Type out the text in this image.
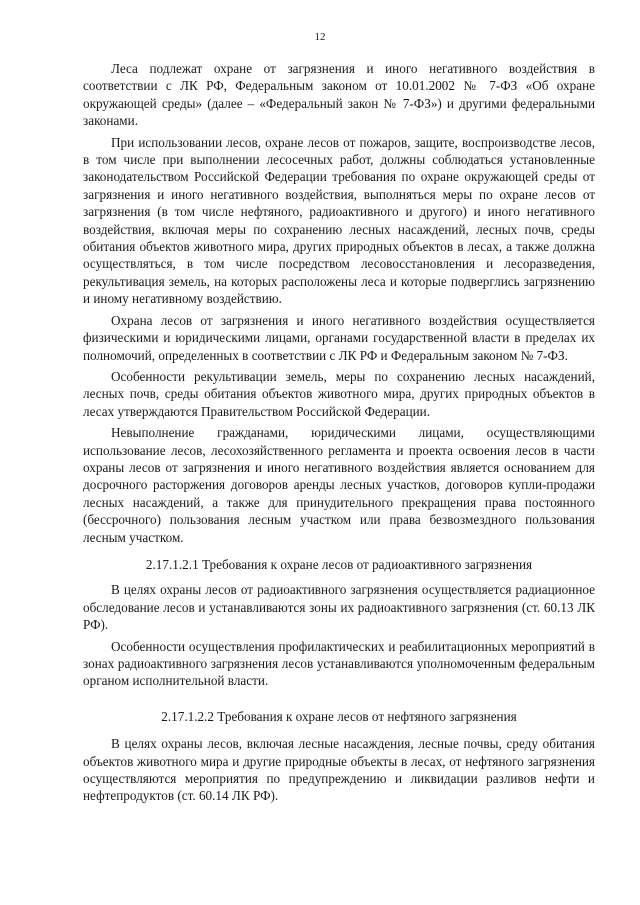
12

Леса подлежат охране от загрязнения и иного негативного воздействия в соответствии с ЛК РФ, Федеральным законом от 10.01.2002 № 7-ФЗ «Об охране окружающей среды» (далее – «Федеральный закон № 7-ФЗ») и другими федеральными законами.

При использовании лесов, охране лесов от пожаров, защите, воспроизводстве лесов, в том числе при выполнении лесосечных работ, должны соблюдаться установленные законодательством Российской Федерации требования по охране окружающей среды от загрязнения и иного негативного воздействия, выполняться меры по охране лесов от загрязнения (в том числе нефтяного, радиоактивного и другого) и иного негативного воздействия, включая меры по сохранению лесных насаждений, лесных почв, среды обитания объектов животного мира, других природных объектов в лесах, а также должна осуществляться, в том числе посредством лесовосстановления и лесоразведения, рекультивация земель, на которых расположены леса и которые подверглись загрязнению и иному негативному воздействию.

Охрана лесов от загрязнения и иного негативного воздействия осуществляется физическими и юридическими лицами, органами государственной власти в пределах их полномочий, определенных в соответствии с ЛК РФ и Федеральным законом № 7-ФЗ.

Особенности рекультивации земель, меры по сохранению лесных насаждений, лесных почв, среды обитания объектов животного мира, других природных объектов в лесах утверждаются Правительством Российской Федерации.

Невыполнение гражданами, юридическими лицами, осуществляющими использование лесов, лесохозяйственного регламента и проекта освоения лесов в части охраны лесов от загрязнения и иного негативного воздействия является основанием для досрочного расторжения договоров аренды лесных участков, договоров купли-продажи лесных насаждений, а также для принудительного прекращения права постоянного (бессрочного) пользования лесным участком или права безвозмездного пользования лесным участком.

2.17.1.2.1 Требования к охране лесов от радиоактивного загрязнения

В целях охраны лесов от радиоактивного загрязнения осуществляется радиационное обследование лесов и устанавливаются зоны их радиоактивного загрязнения (ст. 60.13 ЛК РФ).

Особенности осуществления профилактических и реабилитационных мероприятий в зонах радиоактивного загрязнения лесов устанавливаются уполномоченным федеральным органом исполнительной власти.

2.17.1.2.2 Требования к охране лесов от нефтяного загрязнения

В целях охраны лесов, включая лесные насаждения, лесные почвы, среду обитания объектов животного мира и другие природные объекты в лесах, от нефтяного загрязнения осуществляются мероприятия по предупреждению и ликвидации разливов нефти и нефтепродуктов (ст. 60.14 ЛК РФ).
